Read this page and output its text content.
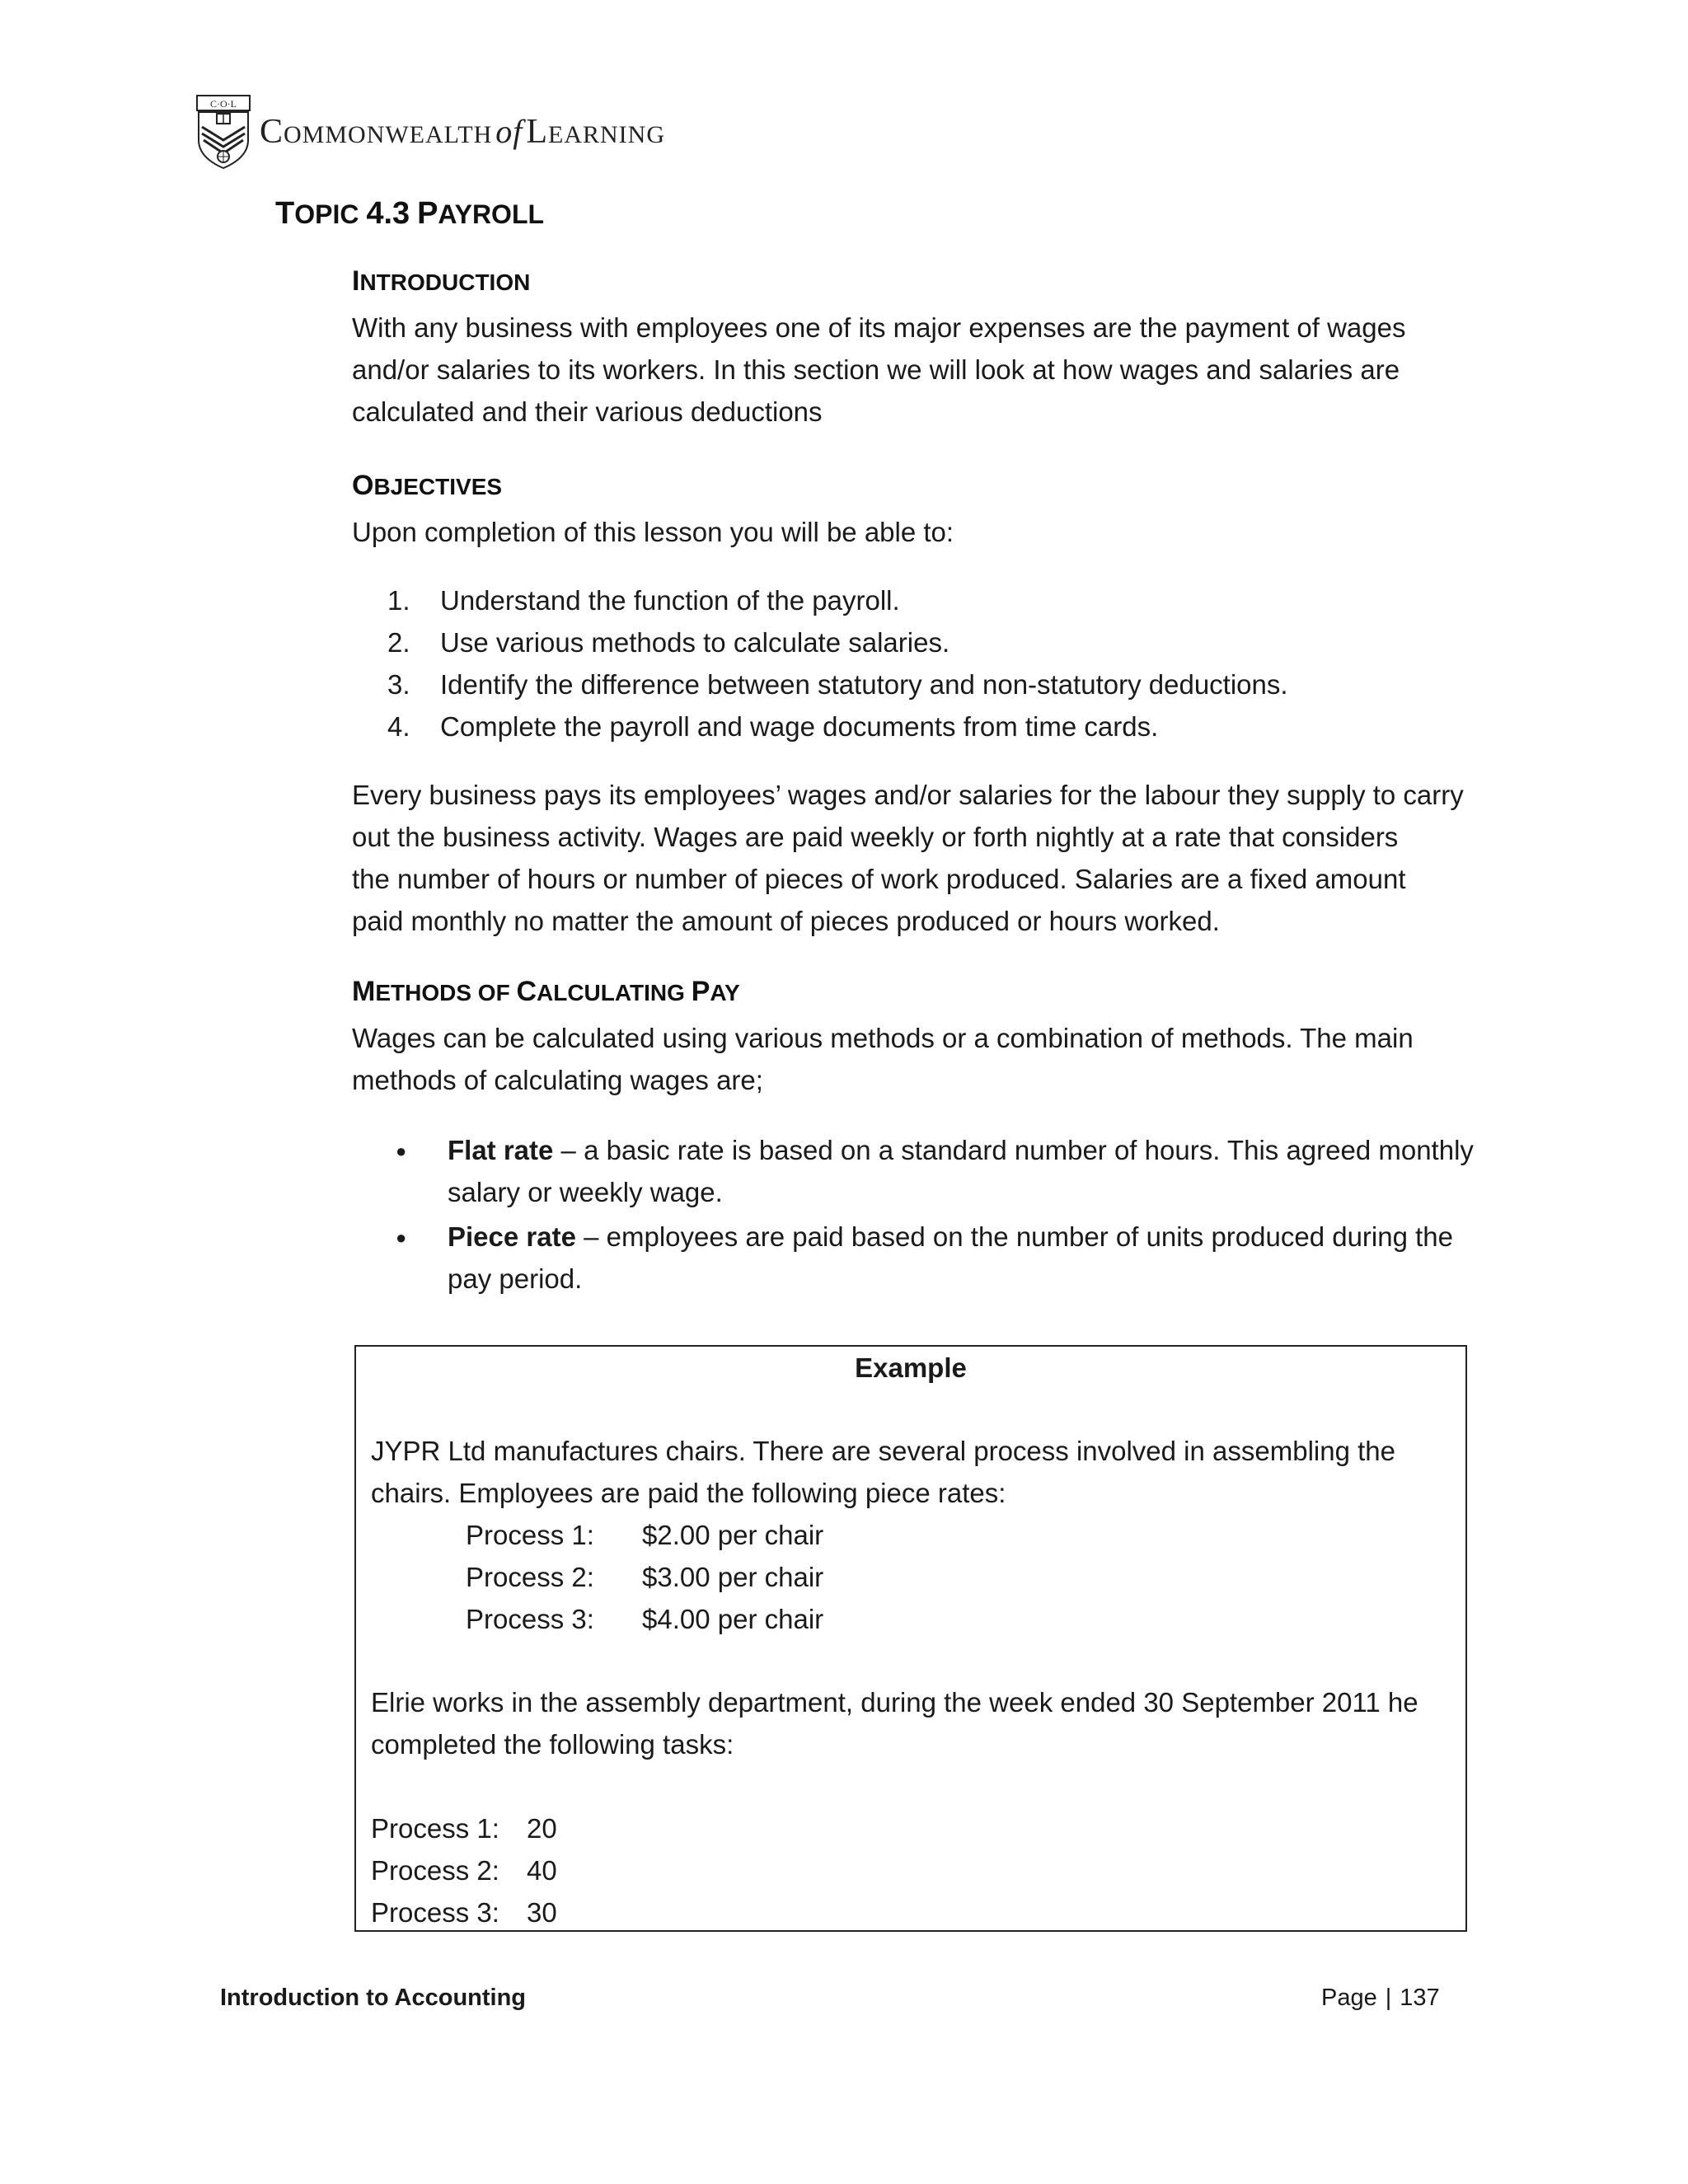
C·O·L
COMMONWEALTH ofLEARNING
TOPIC 4.3 PAYROLL
INTRODUCTION
With any business with employees one of its major expenses are the payment of wages
and/or salaries to its workers. In this section we will look at how wages and salaries are
calculated and their various deductions
OBJECTIVES
Upon completion of this lesson you will be able to:
1.	Understand the function of the payroll.
2.	Use various methods to calculate salaries.
3.	Identify the difference between statutory and non-statutory deductions.
4.	Complete the payroll and wage documents from time cards.
Every business pays its employees’ wages and/or salaries for the labour they supply to carry
out the business activity. Wages are paid weekly or forth nightly at a rate that considers
the number of hours or number of pieces of work produced. Salaries are a fixed amount
paid monthly no matter the amount of pieces produced or hours worked.
METHODS OF CALCULATING PAY
Wages can be calculated using various methods or a combination of methods. The main
methods of calculating wages are;
●	Flat rate – a basic rate is based on a standard number of hours. This agreed monthly salary or weekly wage.
●	Piece rate – employees are paid based on the number of units produced during the pay period.
Example
JYPR Ltd manufactures chairs. There are several process involved in assembling the
chairs. Employees are paid the following piece rates:
Process 1: $2.00 per chair
Process 2: $3.00 per chair
Process 3: $4.00 per chair
Elrie works in the assembly department, during the week ended 30 September 2011 he
completed the following tasks:
Process 1: 20
Process 2: 40
Process 3: 30
Introduction to Accounting	Page | 137
